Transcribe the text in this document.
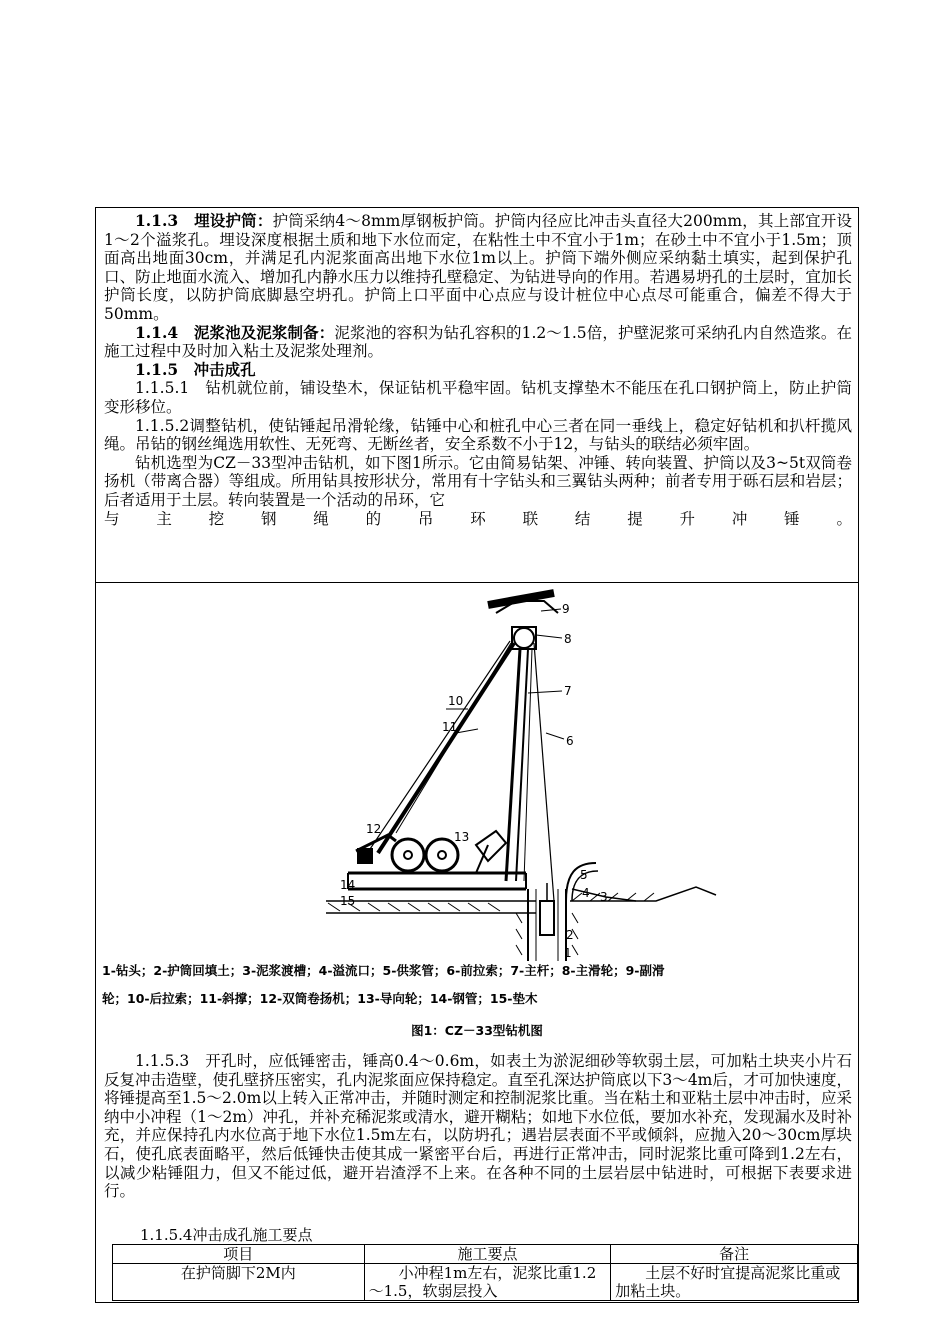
1.1.3　 埋设护筒：护筒采纳4～8mm厚钢板护筒。护筒内径应比冲击头直径大200mm，其上部宜开设1～2个溢浆孔。埋设深度根据土质和地下水位而定，在粘性土中不宜小于1m；在砂土中不宜小于1.5m；顶面高出地面30cm，并满足孔内泥浆面高出地下水位1m以上。护筒下端外侧应采纳黏土填实，起到保护孔口、防止地面水流入、增加孔内静水压力以维持孔壁稳定、为钻进导向的作用。若遇易坍孔的土层时，宜加长护筒长度，以防护筒底脚悬空坍孔。护筒上口平面中心点应与设计桩位中心点尽可能重合，偏差不得大于50mm。

1.1.4　 泥浆池及泥浆制备：泥浆池的容积为钻孔容积的1.2～1.5倍，护壁泥浆可采纳孔内自然造浆。在施工过程中及时加入粘土及泥浆处理剂。

1.1.5　 冲击成孔

1.1.5.1　钻机就位前，铺设垫木，保证钻机平稳牢固。钻机支撑垫木不能压在孔口钢护筒上，防止护筒变形移位。

1.1.5.2调整钻机，使钻锤起吊滑轮缘，钻锤中心和桩孔中心三者在同一垂线上，稳定好钻机和扒杆揽风绳。吊钻的钢丝绳选用软性、无死弯、无断丝者，安全系数不小于12，与钻头的联结必须牢固。

钻机选型为CZ－33型冲击钻机，如下图1所示。它由简易钻架、冲锤、转向装置、护筒以及3~5t双筒卷扬机（带离合器）等组成。所用钻具按形状分，常用有十字钻头和三翼钻头两种；前者专用于砾石层和岩层；后者适用于土层。转向装置是一个活动的吊环，它

与主挖钢绳的吊环联结提升冲锤。

9
8
7
6
10
11
12
13
14
15
5
4 3
2
1
1-钻头；2-护筒回填土；3-泥浆渡槽；4-溢流口；5-供浆管；6-前拉索；7-主杆；8-主滑轮；9-副滑
轮；10-后拉索；11-斜撑；12-双筒卷扬机；13-导向轮；14-钢管；15-垫木
图1：CZ－33型钻机图

1.1.5.3　开孔时，应低锤密击，锤高0.4～0.6m，如表土为淤泥细砂等软弱土层，可加粘土块夹小片石反复冲击造壁，使孔壁挤压密实，孔内泥浆面应保持稳定。直至孔深达护筒底以下3～4m后，才可加快速度，将锤提高至1.5～2.0m以上转入正常冲击，并随时测定和控制泥浆比重。当在粘土和亚粘土层中冲击时，应采纳中小冲程（1～2m）冲孔，并补充稀泥浆或清水，避开糊粘；如地下水位低，要加水补充，发现漏水及时补充，并应保持孔内水位高于地下水位1.5m左右，以防坍孔；遇岩层表面不平或倾斜，应抛入20～30cm厚块石，使孔底表面略平，然后低锤快击使其成一紧密平台后，再进行正常冲击，同时泥浆比重可降到1.2左右，以减少粘锤阻力，但又不能过低，避开岩渣浮不上来。在各种不同的土层岩层中钻进时，可根据下表要求进行。

1.1.5.4冲击成孔施工要点
项目	施工要点	备注
在护筒脚下2M内	小冲程1m左右，泥浆比重1.2～1.5，软弱层投入	土层不好时宜提高泥浆比重或加粘土块。
